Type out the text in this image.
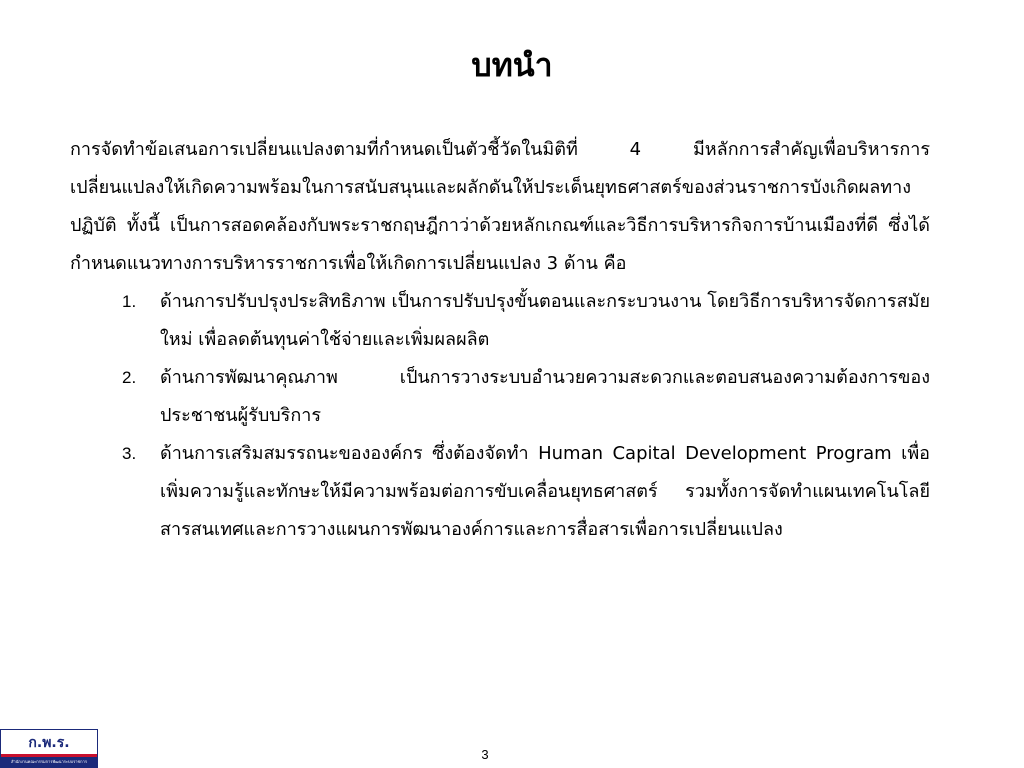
บทนำ

การจัดทำข้อเสนอการเปลี่ยนแปลงตามที่กำหนดเป็นตัวชี้วัดในมิติที่ 4 มีหลักการสำคัญเพื่อบริหารการเปลี่ยนแปลงให้เกิดความพร้อมในการสนับสนุนและผลักดันให้ประเด็นยุทธศาสตร์ของส่วนราชการบังเกิดผลทางปฏิบัติ ทั้งนี้ เป็นการสอดคล้องกับพระราชกฤษฎีกาว่าด้วยหลักเกณฑ์และวิธีการบริหารกิจการบ้านเมืองที่ดี ซึ่งได้กำหนดแนวทางการบริหารราชการเพื่อให้เกิดการเปลี่ยนแปลง 3 ด้าน คือ

1. ด้านการปรับปรุงประสิทธิภาพ เป็นการปรับปรุงขั้นตอนและกระบวนงาน โดยวิธีการบริหารจัดการสมัยใหม่ เพื่อลดต้นทุนค่าใช้จ่ายและเพิ่มผลผลิต
2. ด้านการพัฒนาคุณภาพ เป็นการวางระบบอำนวยความสะดวกและตอบสนองความต้องการของประชาชนผู้รับบริการ
3. ด้านการเสริมสมรรถนะขององค์กร ซึ่งต้องจัดทำ Human Capital Development Program เพื่อเพิ่มความรู้และทักษะให้มีความพร้อมต่อการขับเคลื่อนยุทธศาสตร์ รวมทั้งการจัดทำแผนเทคโนโลยีสารสนเทศและการวางแผนการพัฒนาองค์การและการสื่อสารเพื่อการเปลี่ยนแปลง
ก.พ.ร.
สำนักงานคณะกรรมการพัฒนาระบบราชการ	3
